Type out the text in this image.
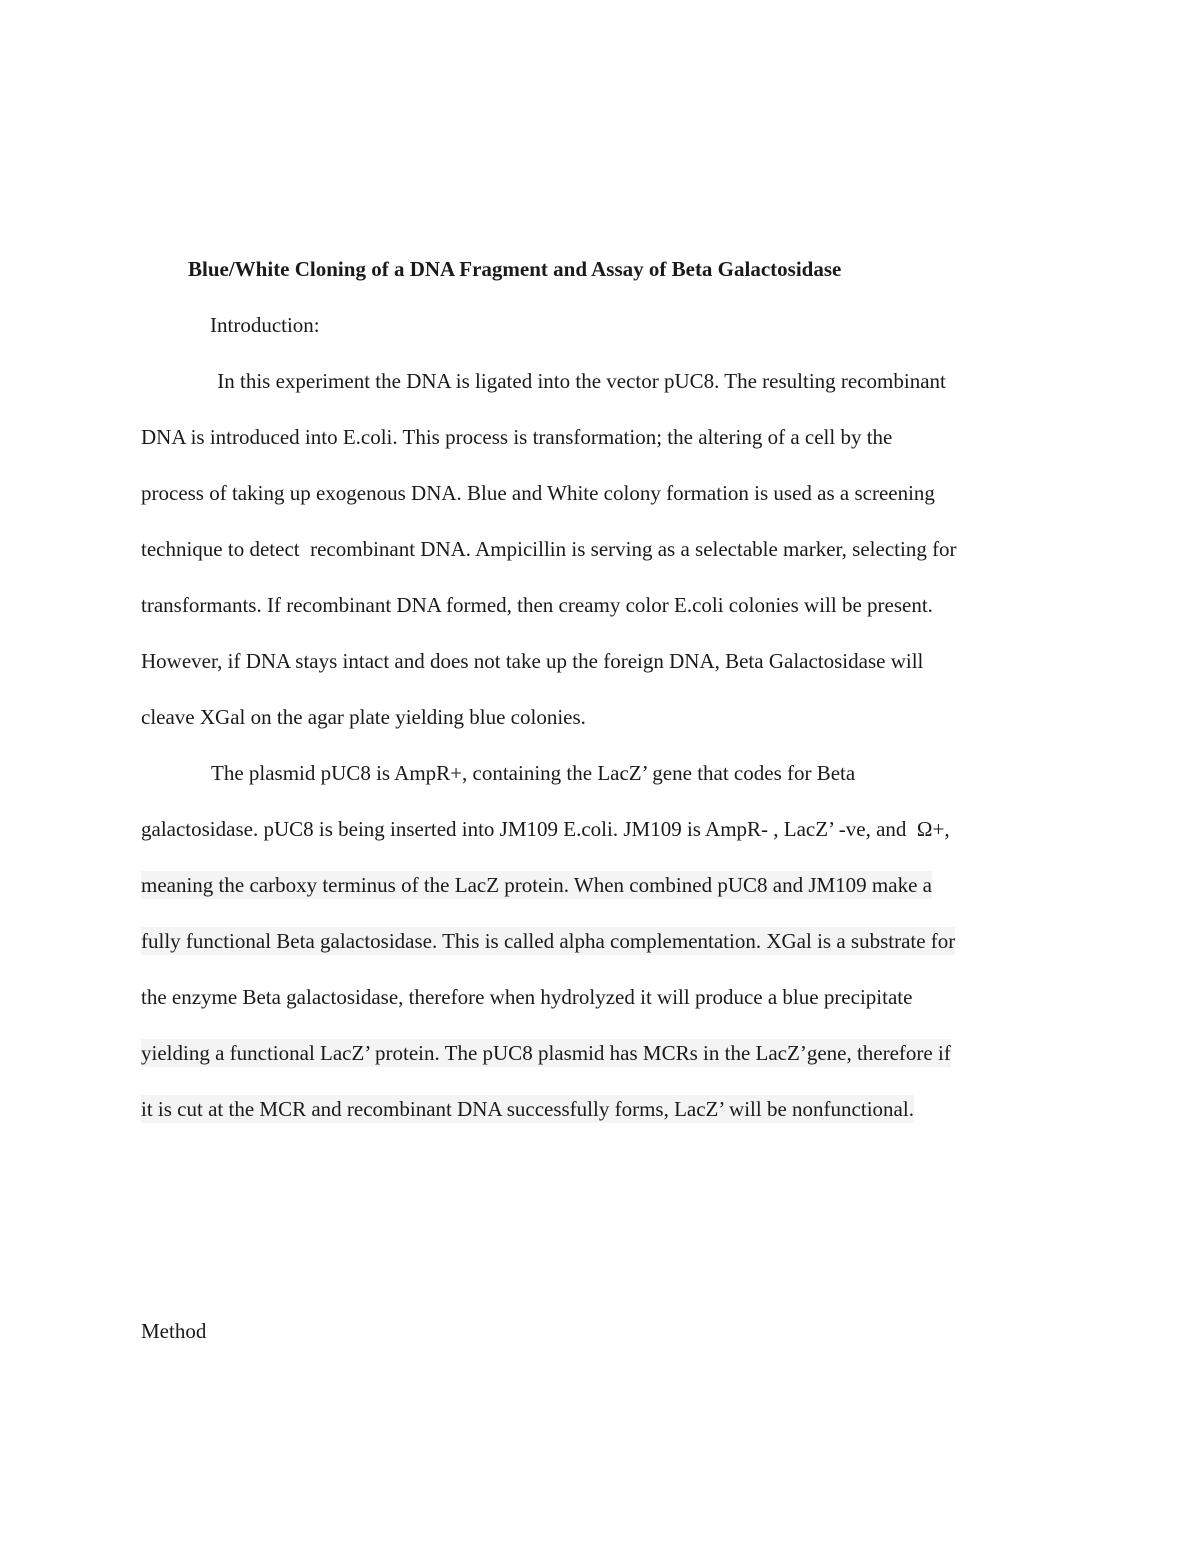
Blue/White Cloning of a DNA Fragment and Assay of Beta Galactosidase
Introduction:
In this experiment the DNA is ligated into the vector pUC8. The resulting recombinant
DNA is introduced into E.coli. This process is transformation; the altering of a cell by the
process of taking up exogenous DNA. Blue and White colony formation is used as a screening
technique to detect  recombinant DNA. Ampicillin is serving as a selectable marker, selecting for
transformants. If recombinant DNA formed, then creamy color E.coli colonies will be present.
However, if DNA stays intact and does not take up the foreign DNA, Beta Galactosidase will
cleave XGal on the agar plate yielding blue colonies.
The plasmid pUC8 is AmpR+, containing the LacZ’ gene that codes for Beta
galactosidase. pUC8 is being inserted into JM109 E.coli. JM109 is AmpR- , LacZ’ -ve, and  Ω+,
meaning the carboxy terminus of the LacZ protein. When combined pUC8 and JM109 make a
fully functional Beta galactosidase. This is called alpha complementation. XGal is a substrate for
the enzyme Beta galactosidase, therefore when hydrolyzed it will produce a blue precipitate
yielding a functional LacZ’ protein. The pUC8 plasmid has MCRs in the LacZ’gene, therefore if
it is cut at the MCR and recombinant DNA successfully forms, LacZ’ will be nonfunctional.
Method
